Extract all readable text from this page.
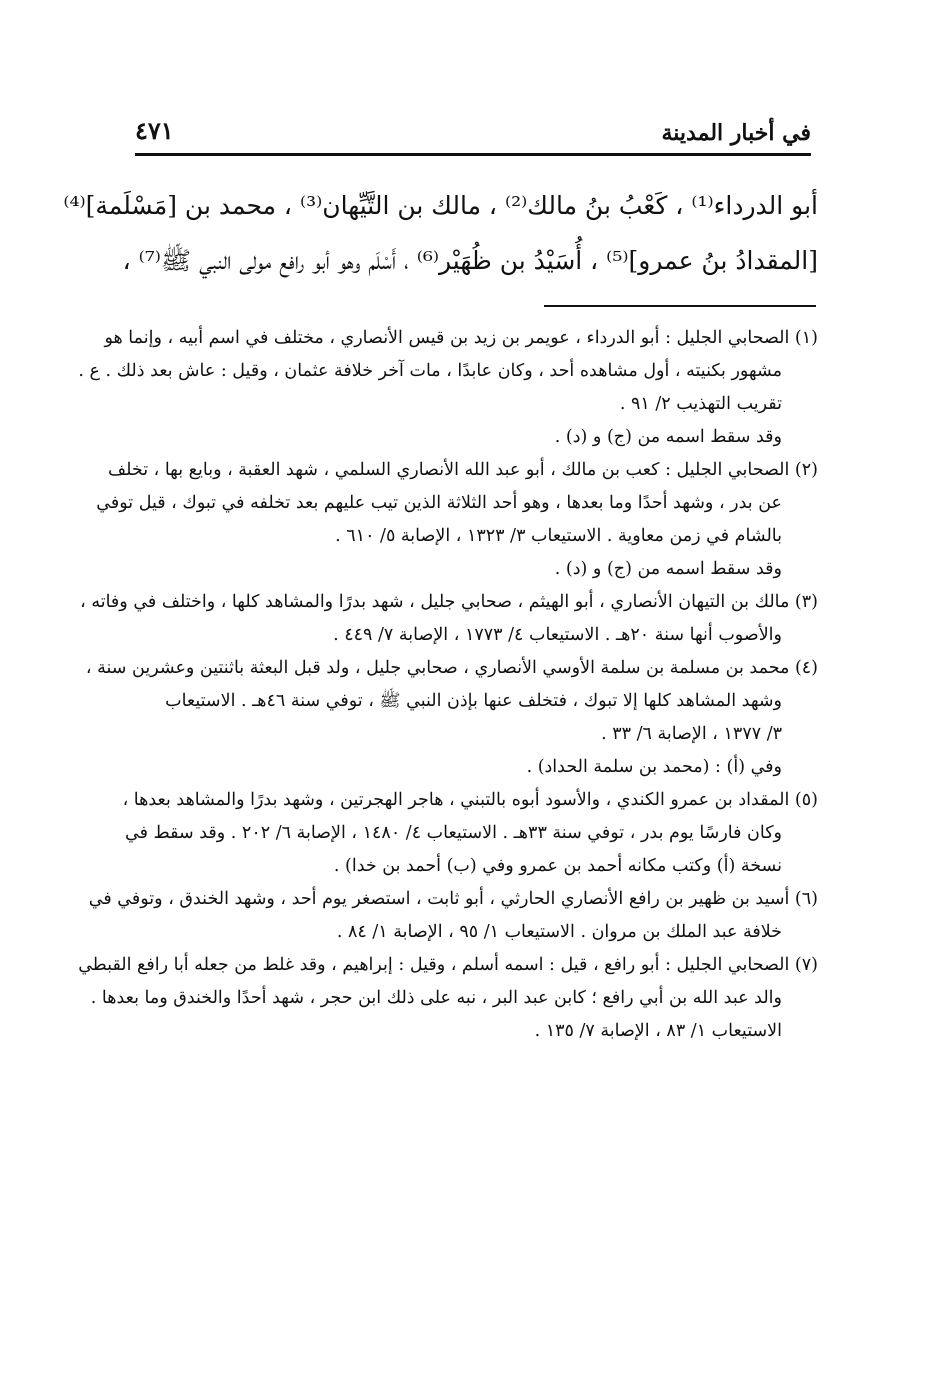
في أخبار المدينة
٤٧١
أبو الدرداء⁽¹⁾ ، كَعْبُ بنُ مالك⁽²⁾ ، مالك بن التَّيِّهان⁽³⁾ ، محمد بن [مَسْلَمة]⁽⁴⁾
[المقدادُ بنُ عمرو]⁽⁵⁾ ، أُسَيْدُ بن ظُهَيْر⁽⁶⁾ ، أَسْلَم وهو أبو رافع مولى النبي ﷺ⁽⁷⁾ ،
(١) الصحابي الجليل : أبو الدرداء ، عويمر بن زيد بن قيس الأنصاري ، مختلف في اسم أبيه ، وإنما هو
مشهور بكنيته ، أول مشاهده أحد ، وكان عابدًا ، مات آخر خلافة عثمان ، وقيل : عاش بعد ذلك . ع .
تقريب التهذيب ٢/ ٩١ .
وقد سقط اسمه من (ج) و (د) .
(٢) الصحابي الجليل : كعب بن مالك ، أبو عبد الله الأنصاري السلمي ، شهد العقبة ، وبايع بها ، تخلف
عن بدر ، وشهد أحدًا وما بعدها ، وهو أحد الثلاثة الذين تيب عليهم بعد تخلفه في تبوك ، قيل توفي
بالشام في زمن معاوية . الاستيعاب ٣/ ١٣٢٣ ، الإصابة ٥/ ٦١٠ .
وقد سقط اسمه من (ج) و (د) .
(٣) مالك بن التيهان الأنصاري ، أبو الهيثم ، صحابي جليل ، شهد بدرًا والمشاهد كلها ، واختلف في وفاته ،
والأصوب أنها سنة ٢٠هـ . الاستيعاب ٤/ ١٧٧٣ ، الإصابة ٧/ ٤٤٩ .
(٤) محمد بن مسلمة بن سلمة الأوسي الأنصاري ، صحابي جليل ، ولد قبل البعثة باثنتين وعشرين سنة ،
وشهد المشاهد كلها إلا تبوك ، فتخلف عنها بإذن النبي ﷺ ، توفي سنة ٤٦هـ . الاستيعاب
٣/ ١٣٧٧ ، الإصابة ٦/ ٣٣ .
وفي (أ) : (محمد بن سلمة الحداد) .
(٥) المقداد بن عمرو الكندي ، والأسود أبوه بالتبني ، هاجر الهجرتين ، وشهد بدرًا والمشاهد بعدها ،
وكان فارسًا يوم بدر ، توفي سنة ٣٣هـ . الاستيعاب ٤/ ١٤٨٠ ، الإصابة ٦/ ٢٠٢ . وقد سقط في
نسخة (أ) وكتب مكانه أحمد بن عمرو وفي (ب) أحمد بن خدا) .
(٦) أسيد بن ظهير بن رافع الأنصاري الحارثي ، أبو ثابت ، استصغر يوم أحد ، وشهد الخندق ، وتوفي في
خلافة عبد الملك بن مروان . الاستيعاب ١/ ٩٥ ، الإصابة ١/ ٨٤ .
(٧) الصحابي الجليل : أبو رافع ، قيل : اسمه أسلم ، وقيل : إبراهيم ، وقد غلط من جعله أبا رافع القبطي
والد عبد الله بن أبي رافع ؛ كابن عبد البر ، نبه على ذلك ابن حجر ، شهد أحدًا والخندق وما بعدها .
الاستيعاب ١/ ٨٣ ، الإصابة ٧/ ١٣٥ .
